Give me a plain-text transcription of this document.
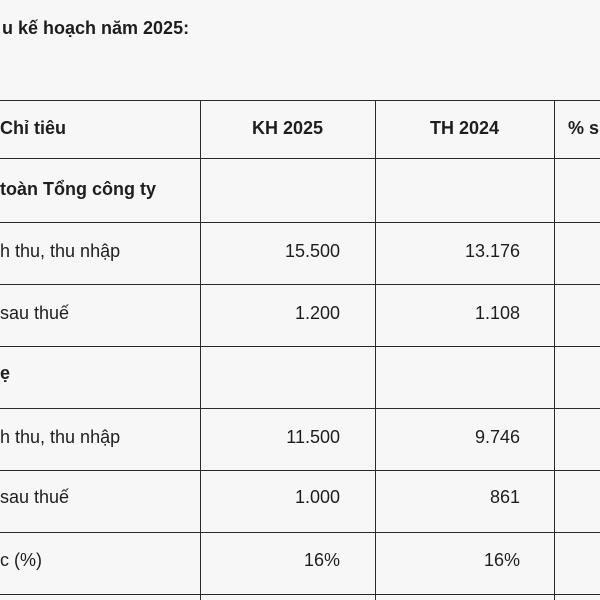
u kế hoạch năm 2025:
Chỉ tiêu	KH 2025	TH 2024	% s
toàn Tổng công ty
h thu, thu nhập	15.500	13.176
sau thuế	1.200	1.108
ẹ
h thu, thu nhập	11.500	9.746
sau thuế	1.000	861
c (%)	16%	16%
